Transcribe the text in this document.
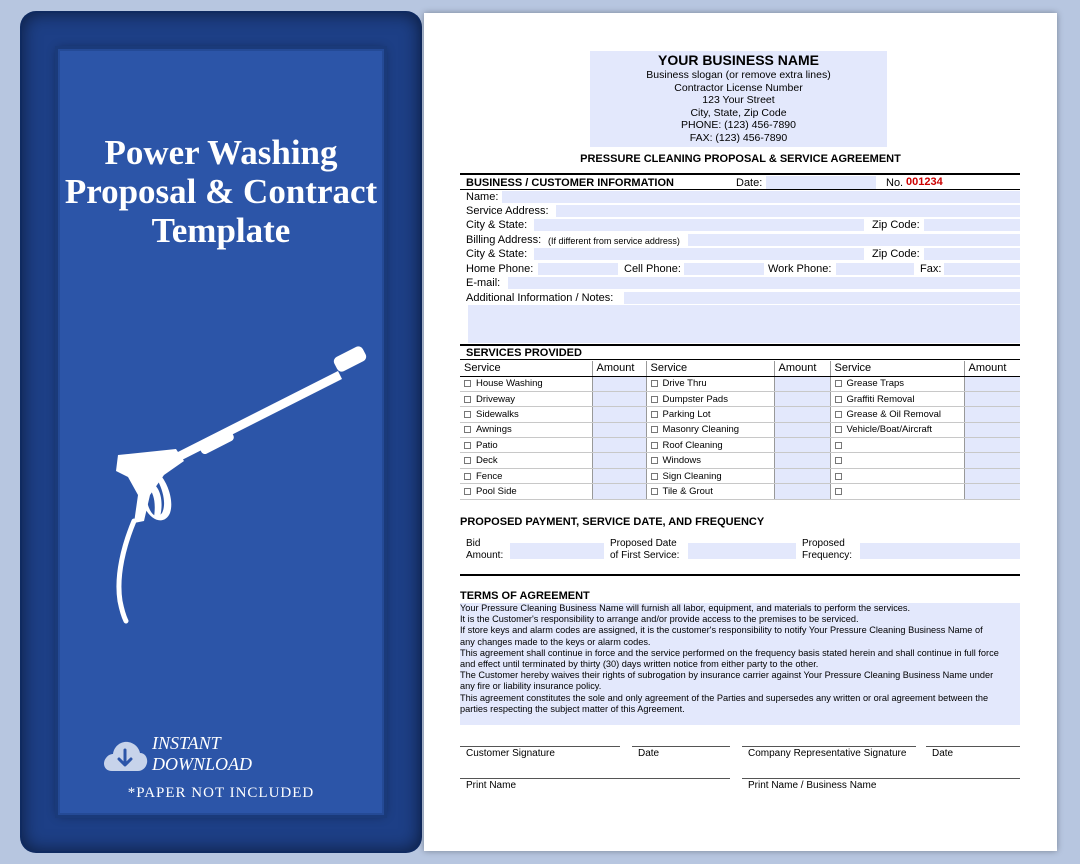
Power Washing
Proposal & Contract
Template
INSTANT
DOWNLOAD
*PAPER NOT INCLUDED
YOUR BUSINESS NAME
Business slogan (or remove extra lines)
Contractor License Number
123 Your Street
City, State, Zip Code
PHONE: (123) 456-7890
FAX: (123) 456-7890
PRESSURE CLEANING PROPOSAL & SERVICE AGREEMENT
BUSINESS / CUSTOMER INFORMATION	Date:	No. 001234
Name:
Service Address:
City & State:	Zip Code:
Billing Address: (If different from service address)
City & State:	Zip Code:
Home Phone:	Cell Phone:	Work Phone:	Fax:
E-mail:
Additional Information / Notes:
SERVICES PROVIDED
Service	Amount	Service	Amount	Service	Amount
House Washing		Drive Thru		Grease Traps	
Driveway		Dumpster Pads		Graffiti Removal	
Sidewalks		Parking Lot		Grease & Oil Removal	
Awnings		Masonry Cleaning		Vehicle/Boat/Aircraft	
Patio		Roof Cleaning			
Deck		Windows			
Fence		Sign Cleaning			
Pool Side		Tile & Grout			
PROPOSED PAYMENT, SERVICE DATE, AND FREQUENCY
Bid
Amount:
Proposed Date
of First Service:
Proposed
Frequency:
TERMS OF AGREEMENT

Your Pressure Cleaning Business Name will furnish all labor, equipment, and materials to perform the services.

It is the Customer's responsibility to arrange and/or provide access to the premises to be serviced.

If store keys and alarm codes are assigned, it is the customer's responsibility to notify Your Pressure Cleaning Business Name of

any changes made to the keys or alarm codes.

This agreement shall continue in force and the service performed on the frequency basis stated herein and shall continue in full force

and effect until terminated by thirty (30) days written notice from either party to the other.

The Customer hereby waives their rights of subrogation by insurance carrier against Your Pressure Cleaning Business Name under

any fire or liability insurance policy.

This agreement constitutes the sole and only agreement of the Parties and supersedes any written or oral agreement between the

parties respecting the subject matter of this Agreement.

Customer Signature	Date	Company Representative Signature	Date
Print Name	Print Name / Business Name
